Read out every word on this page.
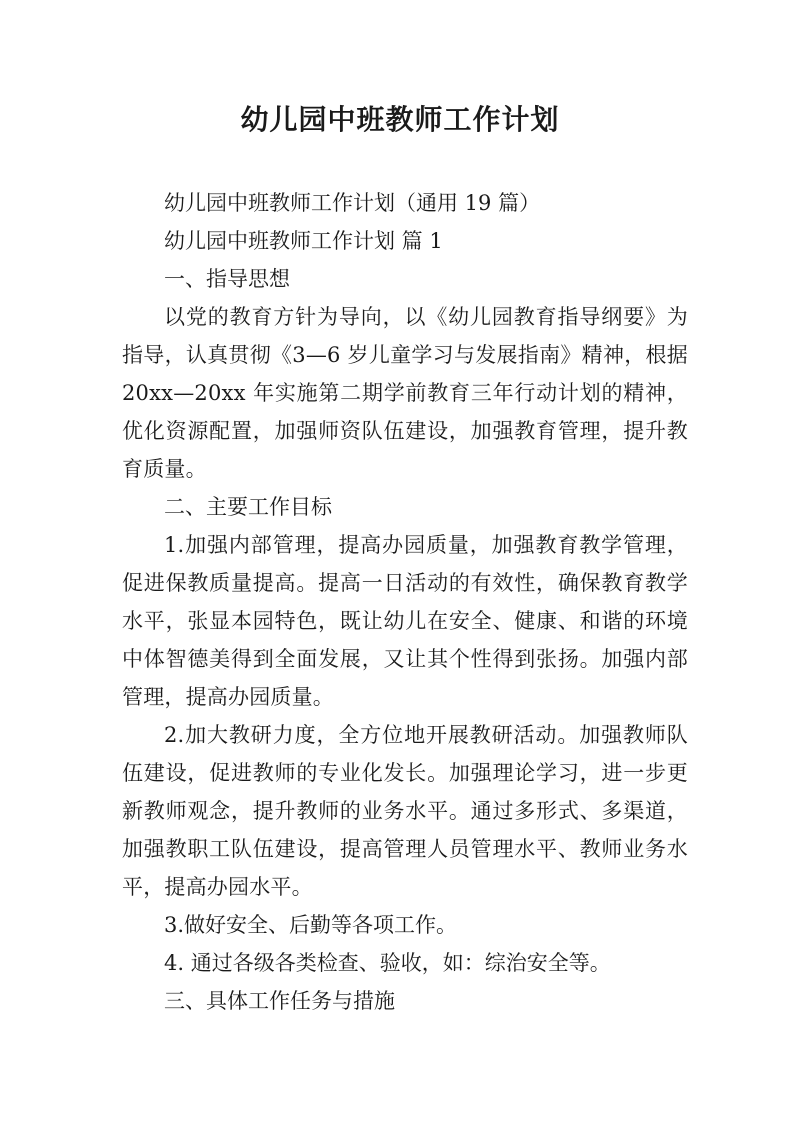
幼儿园中班教师工作计划

幼儿园中班教师工作计划（通用 19 篇）

幼儿园中班教师工作计划 篇 1

一、指导思想

以党的教育方针为导向，以《幼儿园教育指导纲要》为指导，认真贯彻《3—6 岁儿童学习与发展指南》精神，根据 20xx—20xx 年实施第二期学前教育三年行动计划的精神，优化资源配置，加强师资队伍建设，加强教育管理，提升教育质量。

二、主要工作目标

1.加强内部管理，提高办园质量，加强教育教学管理，促进保教质量提高。提高一日活动的有效性，确保教育教学水平，张显本园特色，既让幼儿在安全、健康、和谐的环境中体智德美得到全面发展，又让其个性得到张扬。加强内部管理，提高办园质量。

2.加大教研力度，全方位地开展教研活动。加强教师队伍建设，促进教师的专业化发长。加强理论学习，进一步更新教师观念，提升教师的业务水平。通过多形式、多渠道，加强教职工队伍建设，提高管理人员管理水平、教师业务水平，提高办园水平。

3.做好安全、后勤等各项工作。

4. 通过各级各类检查、验收，如：综治安全等。

三、具体工作任务与措施
